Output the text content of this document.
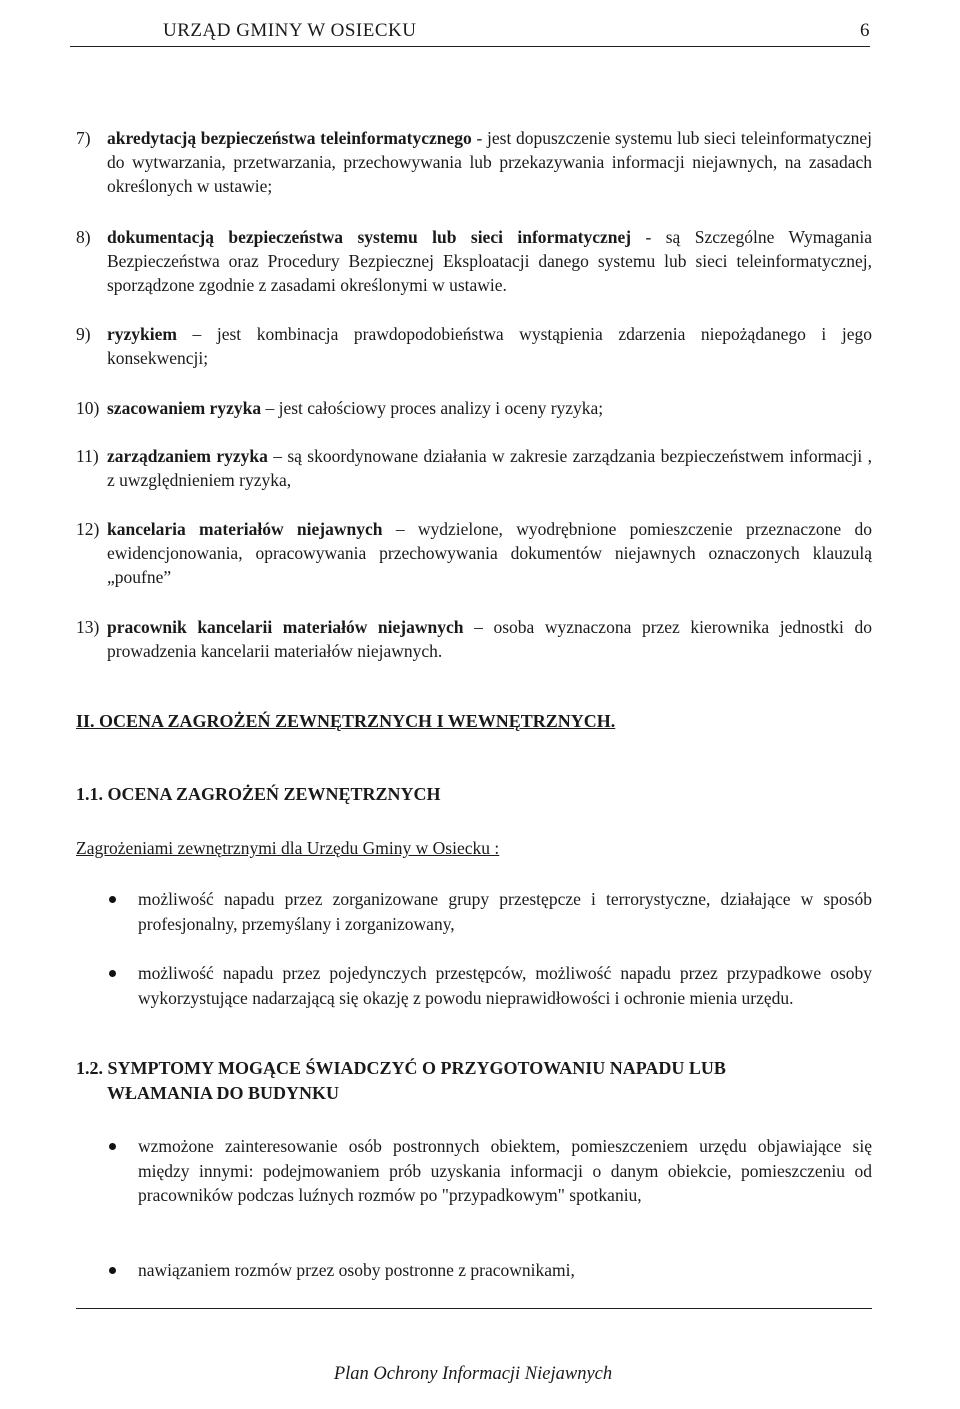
URZĄD GMINY W OSIECKU	6
7) akredytacją bezpieczeństwa teleinformatycznego - jest dopuszczenie systemu lub sieci teleinformatycznej do wytwarzania, przetwarzania, przechowywania lub przekazywania informacji niejawnych, na zasadach określonych w ustawie;
8) dokumentacją bezpieczeństwa systemu lub sieci informatycznej - są Szczególne Wymagania Bezpieczeństwa oraz Procedury Bezpiecznej Eksploatacji danego systemu lub sieci teleinformatycznej, sporządzone zgodnie z zasadami określonymi w ustawie.
9) ryzykiem – jest kombinacja prawdopodobieństwa wystąpienia zdarzenia niepożądanego i jego konsekwencji;
10) szacowaniem ryzyka – jest całościowy proces analizy i oceny ryzyka;
11) zarządzaniem ryzyka – są skoordynowane działania w zakresie zarządzania bezpieczeństwem informacji , z uwzględnieniem ryzyka,
12) kancelaria materiałów niejawnych – wydzielone, wyodrębnione pomieszczenie przeznaczone do ewidencjonowania, opracowywania przechowywania dokumentów niejawnych oznaczonych klauzulą „poufne”
13) pracownik kancelarii materiałów niejawnych – osoba wyznaczona przez kierownika jednostki do prowadzenia kancelarii materiałów niejawnych.
II. OCENA ZAGROŻEŃ ZEWNĘTRZNYCH I WEWNĘTRZNYCH.
1.1. OCENA ZAGROŻEŃ ZEWNĘTRZNYCH
Zagrożeniami zewnętrznymi dla Urzędu Gminy w Osiecku :
możliwość napadu przez zorganizowane grupy przestępcze i terrorystyczne, działające w sposób profesjonalny, przemyślany i zorganizowany,
możliwość napadu przez pojedynczych przestępców, możliwość napadu przez przypadkowe osoby wykorzystujące nadarzającą się okazję z powodu nieprawidłowości i ochronie mienia urzędu.
1.2. SYMPTOMY MOGĄCE ŚWIADCZYĆ O PRZYGOTOWANIU NAPADU LUB
WŁAMANIA DO BUDYNKU
wzmożone zainteresowanie osób postronnych obiektem, pomieszczeniem urzędu objawiające się między innymi: podejmowaniem prób uzyskania informacji o danym obiekcie, pomieszczeniu od pracowników podczas luźnych rozmów po "przypadkowym" spotkaniu,
nawiązaniem rozmów przez osoby postronne z pracownikami,
Plan Ochrony Informacji Niejawnych
